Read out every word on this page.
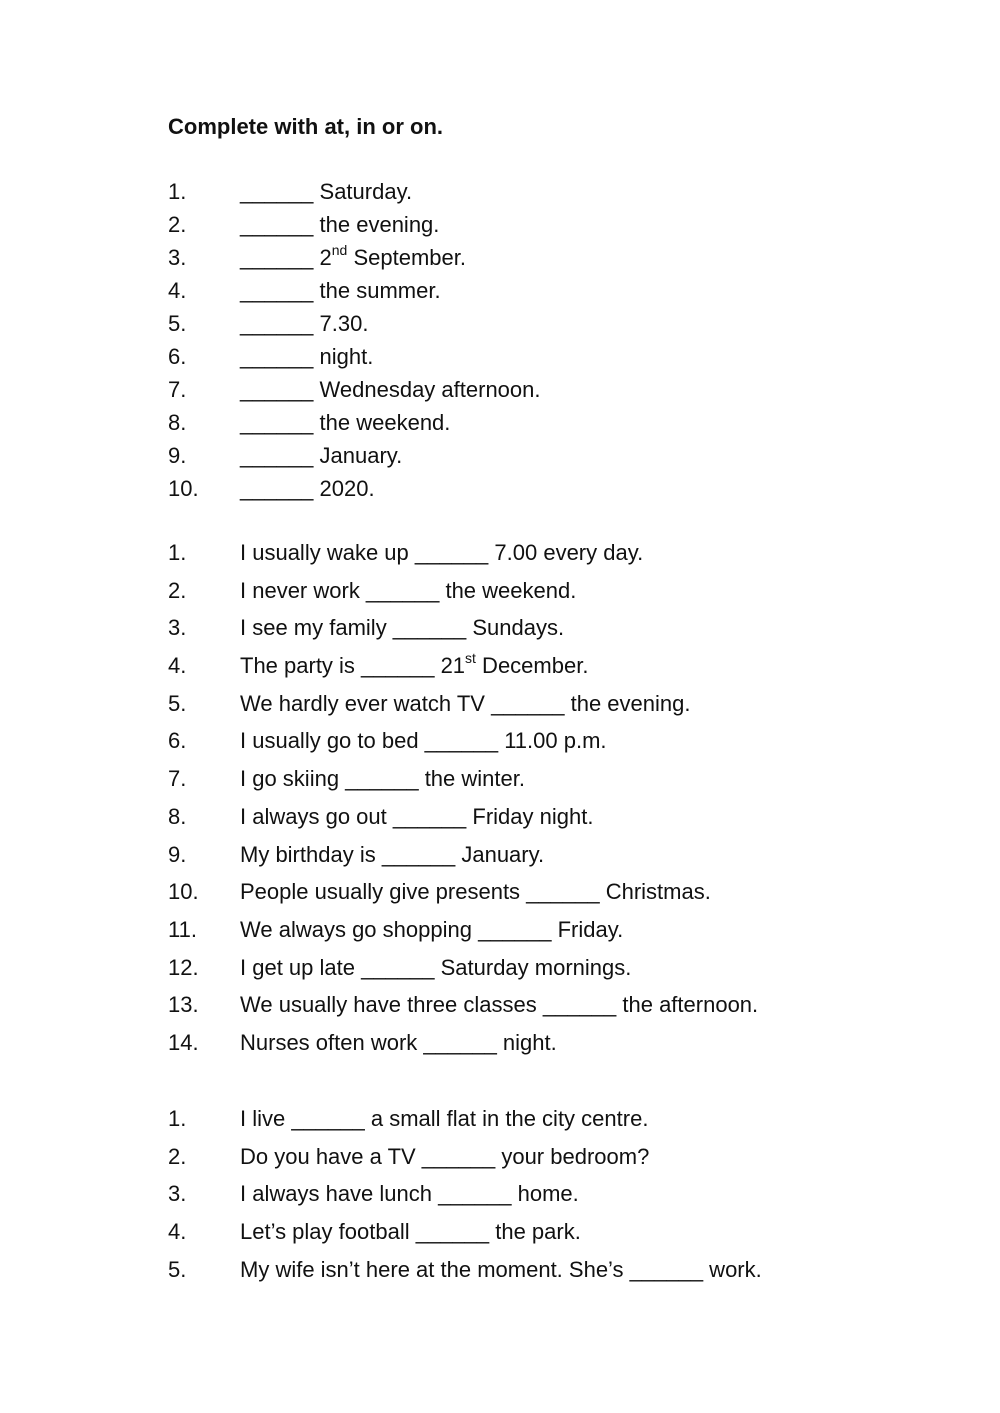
Complete with at, in or on.
1. ______ Saturday.
2. ______ the evening.
3. ______ 2nd September.
4. ______ the summer.
5. ______ 7.30.
6. ______ night.
7. ______ Wednesday afternoon.
8. ______ the weekend.
9. ______ January.
10. ______ 2020.
1. I usually wake up ______ 7.00 every day.
2. I never work ______ the weekend.
3. I see my family ______ Sundays.
4. The party is ______ 21st December.
5. We hardly ever watch TV ______ the evening.
6. I usually go to bed ______ 11.00 p.m.
7. I go skiing ______ the winter.
8. I always go out ______ Friday night.
9. My birthday is ______ January.
10. People usually give presents ______ Christmas.
11. We always go shopping ______ Friday.
12. I get up late ______ Saturday mornings.
13. We usually have three classes ______ the afternoon.
14. Nurses often work ______ night.
1. I live ______ a small flat in the city centre.
2. Do you have a TV ______ your bedroom?
3. I always have lunch ______ home.
4. Let’s play football ______ the park.
5. My wife isn’t here at the moment. She’s ______ work.
